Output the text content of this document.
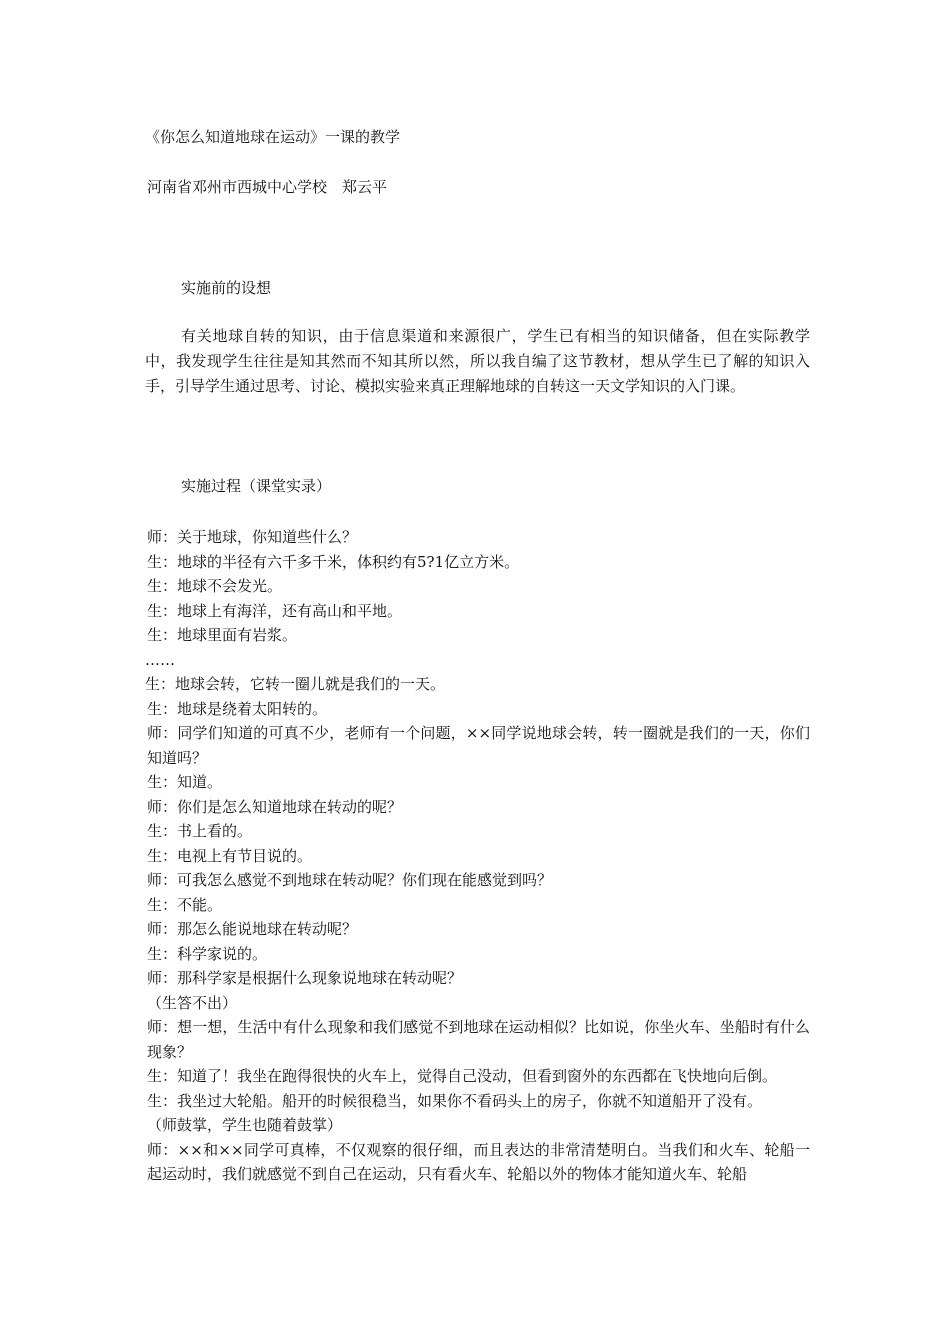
《你怎么知道地球在运动》一课的教学
河南省邓州市西城中心学校　郑云平
实施前的设想
有关地球自转的知识，由于信息渠道和来源很广，学生已有相当的知识储备，但在实际教学中，我发现学生往往是知其然而不知其所以然，所以我自编了这节教材，想从学生已了解的知识入手，引导学生通过思考、讨论、模拟实验来真正理解地球的自转这一天文学知识的入门课。
实施过程（课堂实录）

师：关于地球，你知道些什么？

生：地球的半径有六千多千米，体积约有5?1亿立方米。

生：地球不会发光。

生：地球上有海洋，还有高山和平地。

生：地球里面有岩浆。

……

生：地球会转，它转一圈儿就是我们的一天。

生：地球是绕着太阳转的。

师：同学们知道的可真不少，老师有一个问题，××同学说地球会转，转一圈就是我们的一天，你们知道吗？

生：知道。

师：你们是怎么知道地球在转动的呢？

生：书上看的。

生：电视上有节目说的。

师：可我怎么感觉不到地球在转动呢？你们现在能感觉到吗？

生：不能。

师：那怎么能说地球在转动呢？

生：科学家说的。

师：那科学家是根据什么现象说地球在转动呢？

（生答不出）

师：想一想，生活中有什么现象和我们感觉不到地球在运动相似？比如说，你坐火车、坐船时有什么现象？

生：知道了！我坐在跑得很快的火车上，觉得自己没动，但看到窗外的东西都在飞快地向后倒。

生：我坐过大轮船。船开的时候很稳当，如果你不看码头上的房子，你就不知道船开了没有。

（师鼓掌，学生也随着鼓掌）

师：××和××同学可真棒，不仅观察的很仔细，而且表达的非常清楚明白。当我们和火车、轮船一起运动时，我们就感觉不到自己在运动，只有看火车、轮船以外的物体才能知道火车、轮船
